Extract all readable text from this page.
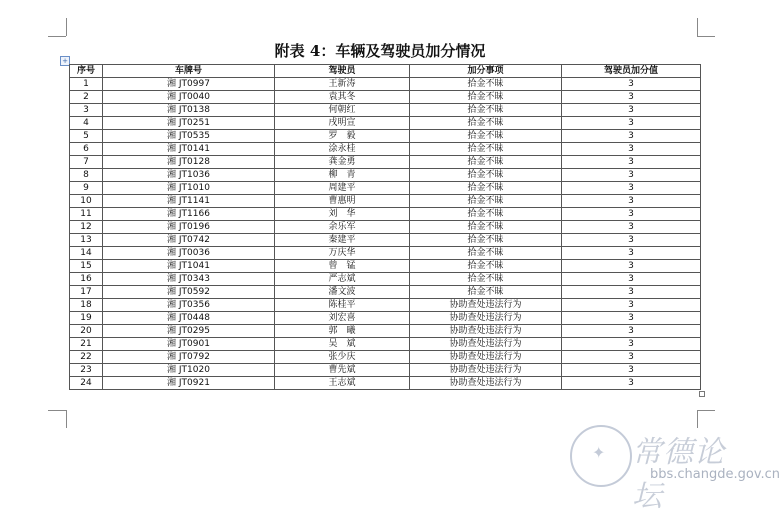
附表 4：车辆及驾驶员加分情况
+
序号	车牌号	驾驶员	加分事项	驾驶员加分值
1	湘 JT0997	王新涛	拾金不昧	3
2	湘 JT0040	袁其冬	拾金不昧	3
3	湘 JT0138	何朝红	拾金不昧	3
4	湘 JT0251	戌明宣	拾金不昧	3
5	湘 JT0535	罗　毅	拾金不昧	3
6	湘 JT0141	涂永桂	拾金不昧	3
7	湘 JT0128	龚金勇	拾金不昧	3
8	湘 JT1036	柳　青	拾金不昧	3
9	湘 JT1010	周建平	拾金不昧	3
10	湘 JT1141	曹惠明	拾金不昧	3
11	湘 JT1166	刘　华	拾金不昧	3
12	湘 JT0196	余乐军	拾金不昧	3
13	湘 JT0742	秦建平	拾金不昧	3
14	湘 JT0036	万庆华	拾金不昧	3
15	湘 JT1041	曾　锰	拾金不昧	3
16	湘 JT0343	严志斌	拾金不昧	3
17	湘 JT0592	潘文波	拾金不昧	3
18	湘 JT0356	陈桂平	协助查处违法行为	3
19	湘 JT0448	刘宏喜	协助查处违法行为	3
20	湘 JT0295	郭　曦	协助查处违法行为	3
21	湘 JT0901	吴　斌	协助查处违法行为	3
22	湘 JT0792	张少庆	协助查处违法行为	3
23	湘 JT1020	曹先斌	协助查处违法行为	3
24	湘 JT0921	王志斌	协助查处违法行为	3
✦ 常德论坛
bbs.changde.gov.cn
